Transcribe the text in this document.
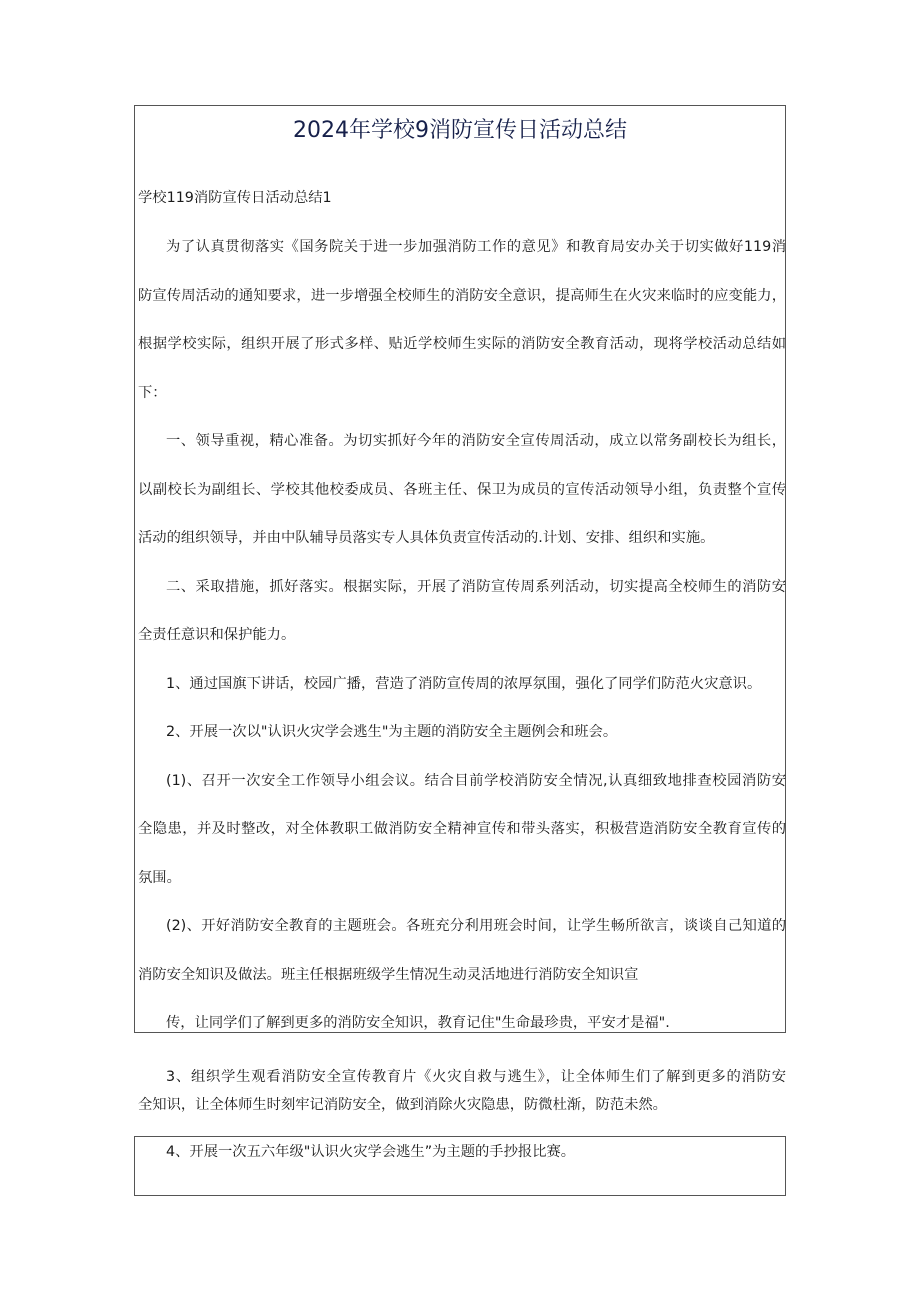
2024年学校9消防宣传日活动总结

学校119消防宣传日活动总结1

为了认真贯彻落实《国务院关于进一步加强消防工作的意见》和教育局安办关于切实做好119消

防宣传周活动的通知要求，进一步增强全校师生的消防安全意识，提高师生在火灾来临时的应变能力，

根据学校实际，组织开展了形式多样、贴近学校师生实际的消防安全教育活动，现将学校活动总结如

下：

一、领导重视，精心准备。为切实抓好今年的消防安全宣传周活动，成立以常务副校长为组长，

以副校长为副组长、学校其他校委成员、各班主任、保卫为成员的宣传活动领导小组，负责整个宣传

活动的组织领导，并由中队辅导员落实专人具体负责宣传活动的.计划、安排、组织和实施。

二、采取措施，抓好落实。根据实际，开展了消防宣传周系列活动，切实提高全校师生的消防安

全责任意识和保护能力。

1、通过国旗下讲话，校园广播，营造了消防宣传周的浓厚氛围，强化了同学们防范火灾意识。

2、开展一次以"认识火灾学会逃生"为主题的消防安全主题例会和班会。

(1)、召开一次安全工作领导小组会议。结合目前学校消防安全情况,认真细致地排查校园消防安

全隐患，并及时整改，对全体教职工做消防安全精神宣传和带头落实，积极营造消防安全教育宣传的

氛围。

(2)、开好消防安全教育的主题班会。各班充分利用班会时间，让学生畅所欲言，谈谈自己知道的

消防安全知识及做法。班主任根据班级学生情况生动灵活地进行消防安全知识宣

传，让同学们了解到更多的消防安全知识，教育记住"生命最珍贵，平安才是福".

3、组织学生观看消防安全宣传教育片《火灾自救与逃生》，让全体师生们了解到更多的消防安

全知识，让全体师生时刻牢记消防安全，做到消除火灾隐患，防微杜渐，防范未然。

4、开展一次五六年级"认识火灾学会逃生”为主题的手抄报比赛。
